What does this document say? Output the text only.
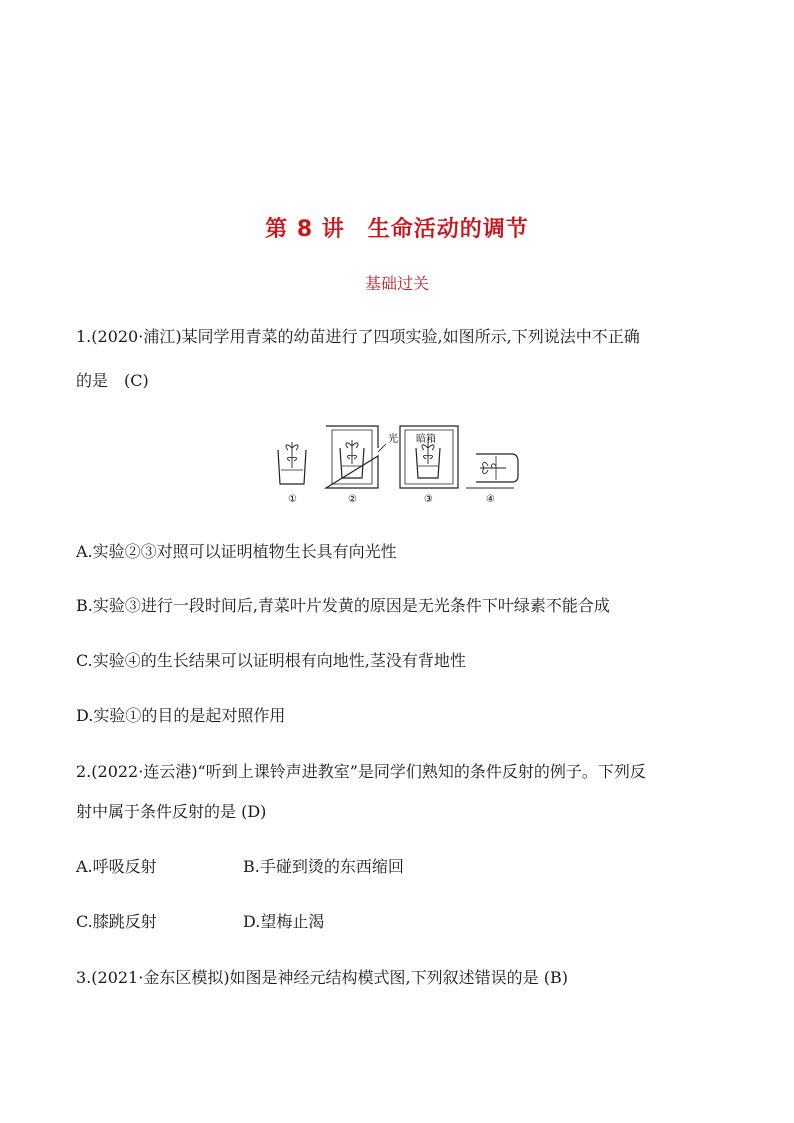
第 8 讲　生命活动的调节
基础过关
1.(2020·浦江)某同学用青菜的幼苗进行了四项实验,如图所示,下列说法中不正确
的是　(C)
光 暗箱
①	②	③	④
A.实验②③对照可以证明植物生长具有向光性
B.实验③进行一段时间后,青菜叶片发黄的原因是无光条件下叶绿素不能合成
C.实验④的生长结果可以证明根有向地性,茎没有背地性
D.实验①的目的是起对照作用
2.(2022·连云港)“听到上课铃声进教室”是同学们熟知的条件反射的例子。下列反
射中属于条件反射的是 (D)
A.呼吸反射	B.手碰到烫的东西缩回
C.膝跳反射	D.望梅止渴
3.(2021·金东区模拟)如图是神经元结构模式图,下列叙述错误的是 (B)
